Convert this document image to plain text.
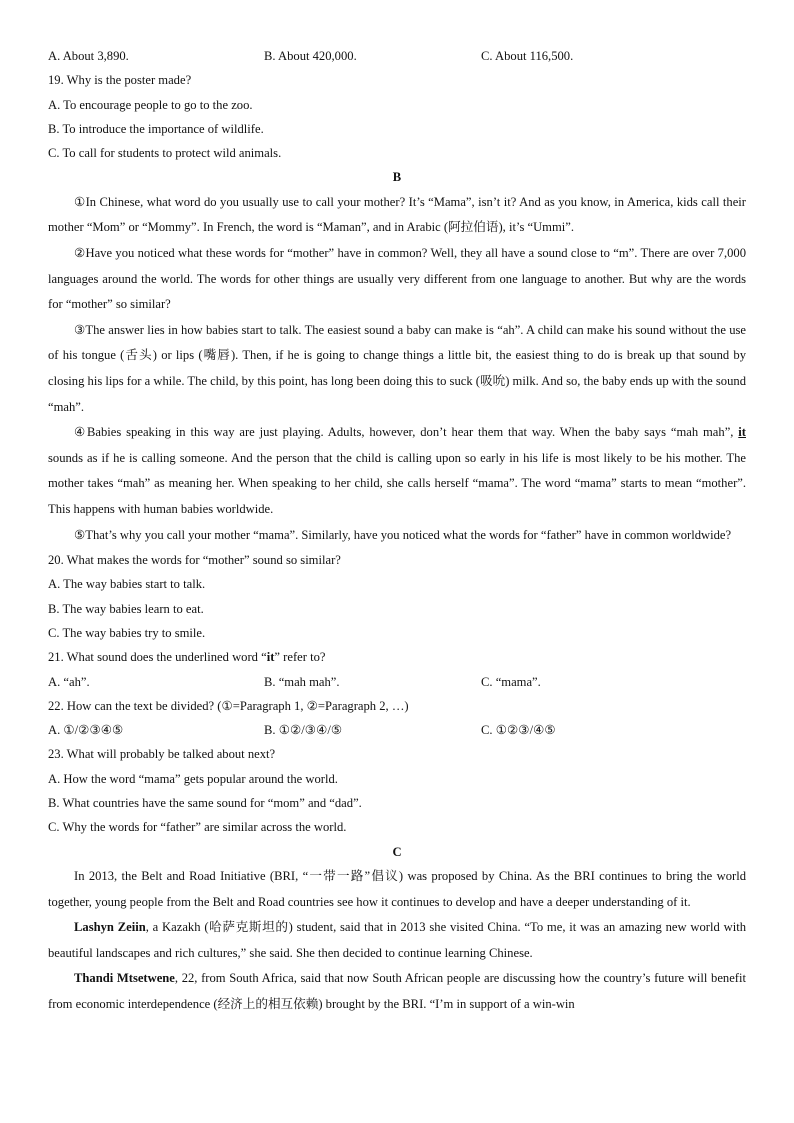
A. About 3,890.	B. About 420,000.	C. About 116,500.
19. Why is the poster made?
A. To encourage people to go to the zoo.
B. To introduce the importance of wildlife.
C. To call for students to protect wild animals.
B

①In Chinese, what word do you usually use to call your mother? It’s “Mama”, isn’t it? And as you know, in America, kids call their mother “Mom” or “Mommy”. In French, the word is “Maman”, and in Arabic (阿拉伯语), it’s “Ummi”.

②Have you noticed what these words for “mother” have in common? Well, they all have a sound close to “m”. There are over 7,000 languages around the world. The words for other things are usually very different from one language to another. But why are the words for “mother” so similar?

③The answer lies in how babies start to talk. The easiest sound a baby can make is “ah”. A child can make his sound without the use of his tongue (舌头) or lips (嘴唇). Then, if he is going to change things a little bit, the easiest thing to do is break up that sound by closing his lips for a while. The child, by this point, has long been doing this to suck (吸吮) milk. And so, the baby ends up with the sound “mah”.

④Babies speaking in this way are just playing. Adults, however, don’t hear them that way. When the baby says “mah mah”, it sounds as if he is calling someone. And the person that the child is calling upon so early in his life is most likely to be his mother. The mother takes “mah” as meaning her. When speaking to her child, she calls herself “mama”. The word “mama” starts to mean “mother”. This happens with human babies worldwide.

⑤That’s why you call your mother “mama”. Similarly, have you noticed what the words for “father” have in common worldwide?

20. What makes the words for “mother” sound so similar?
A. The way babies start to talk.
B. The way babies learn to eat.
C. The way babies try to smile.
21. What sound does the underlined word “it” refer to?
A. “ah”.	B. “mah mah”.	C. “mama”.
22. How can the text be divided? (①=Paragraph 1, ②=Paragraph 2, …)
A. ①/②③④⑤	B. ①②/③④/⑤	C. ①②③/④⑤
23. What will probably be talked about next?
A. How the word “mama” gets popular around the world.
B. What countries have the same sound for “mom” and “dad”.
C. Why the words for “father” are similar across the world.
C

In 2013, the Belt and Road Initiative (BRI, “一带一路”倡议) was proposed by China. As the BRI continues to bring the world together, young people from the Belt and Road countries see how it continues to develop and have a deeper understanding of it.

Lashyn Zeiin, a Kazakh (哈萨克斯坦的) student, said that in 2013 she visited China. “To me, it was an amazing new world with beautiful landscapes and rich cultures,” she said. She then decided to continue learning Chinese.

Thandi Mtsetwene, 22, from South Africa, said that now South African people are discussing how the country’s future will benefit from economic interdependence (经济上的相互依赖) brought by the BRI. “I’m in support of a win-win
